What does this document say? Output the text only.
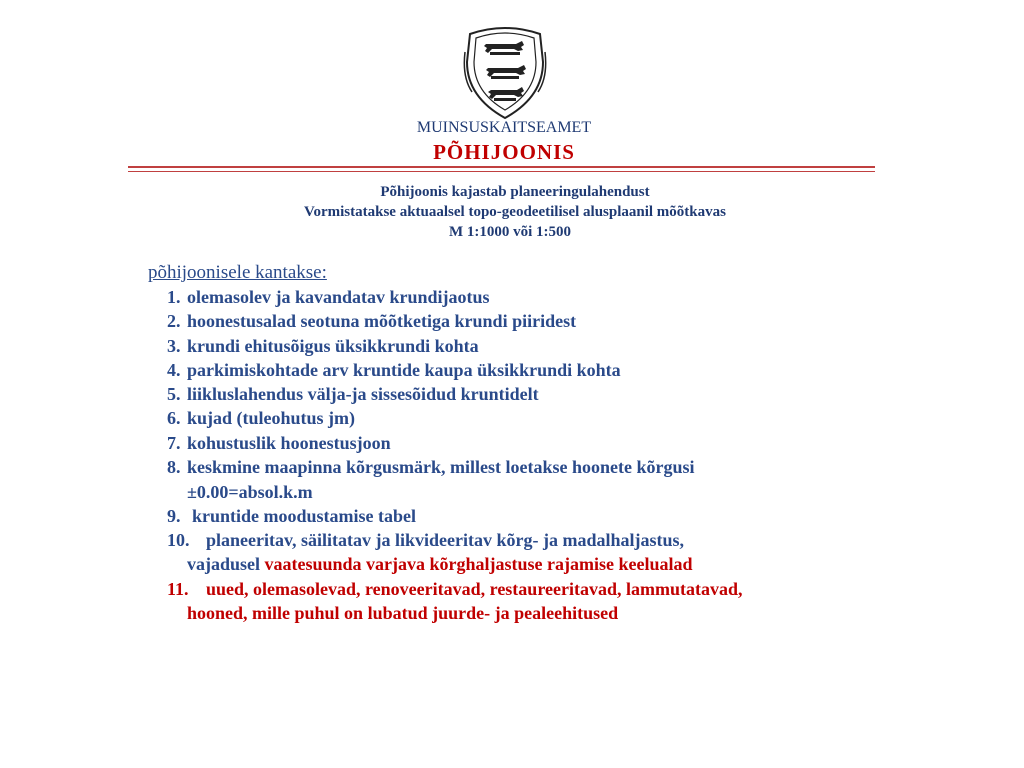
MUINSUSKAITSEAMET
PÕHIJOONIS
Põhijoonis kajastab planeeringulahendust
Vormistatakse aktuaalsel topo-geodeetilisel alusplaanil mõõtkavas
M 1:1000 või 1:500
põhijoonisele kantakse:
1. olemasolev ja kavandatav krundijaotus
2. hoonestusalad seotuna mõõtketiga krundi piiridest
3. krundi ehitusõigus üksikkrundi kohta
4. parkimiskohtade arv kruntide kaupa üksikkrundi kohta
5. liikluslahendus välja-ja sissesõidud kruntidelt
6. kujad (tuleohutus jm)
7. kohustuslik hoonestusjoon
8. keskmine maapinna kõrgusmärk, millest loetakse hoonete kõrgusi
±0.00=absol.k.m
9. kruntide moodustamise tabel
10. planeeritav, säilitatav ja likvideeritav kõrg- ja madalhaljastus,
vajadusel vaatesuunda varjava kõrghaljastuse rajamise keelualad
11. uued, olemasolevad, renoveeritavad, restaureeritavad, lammutatavad,
hooned, mille puhul on lubatud juurde- ja pealeehitused
